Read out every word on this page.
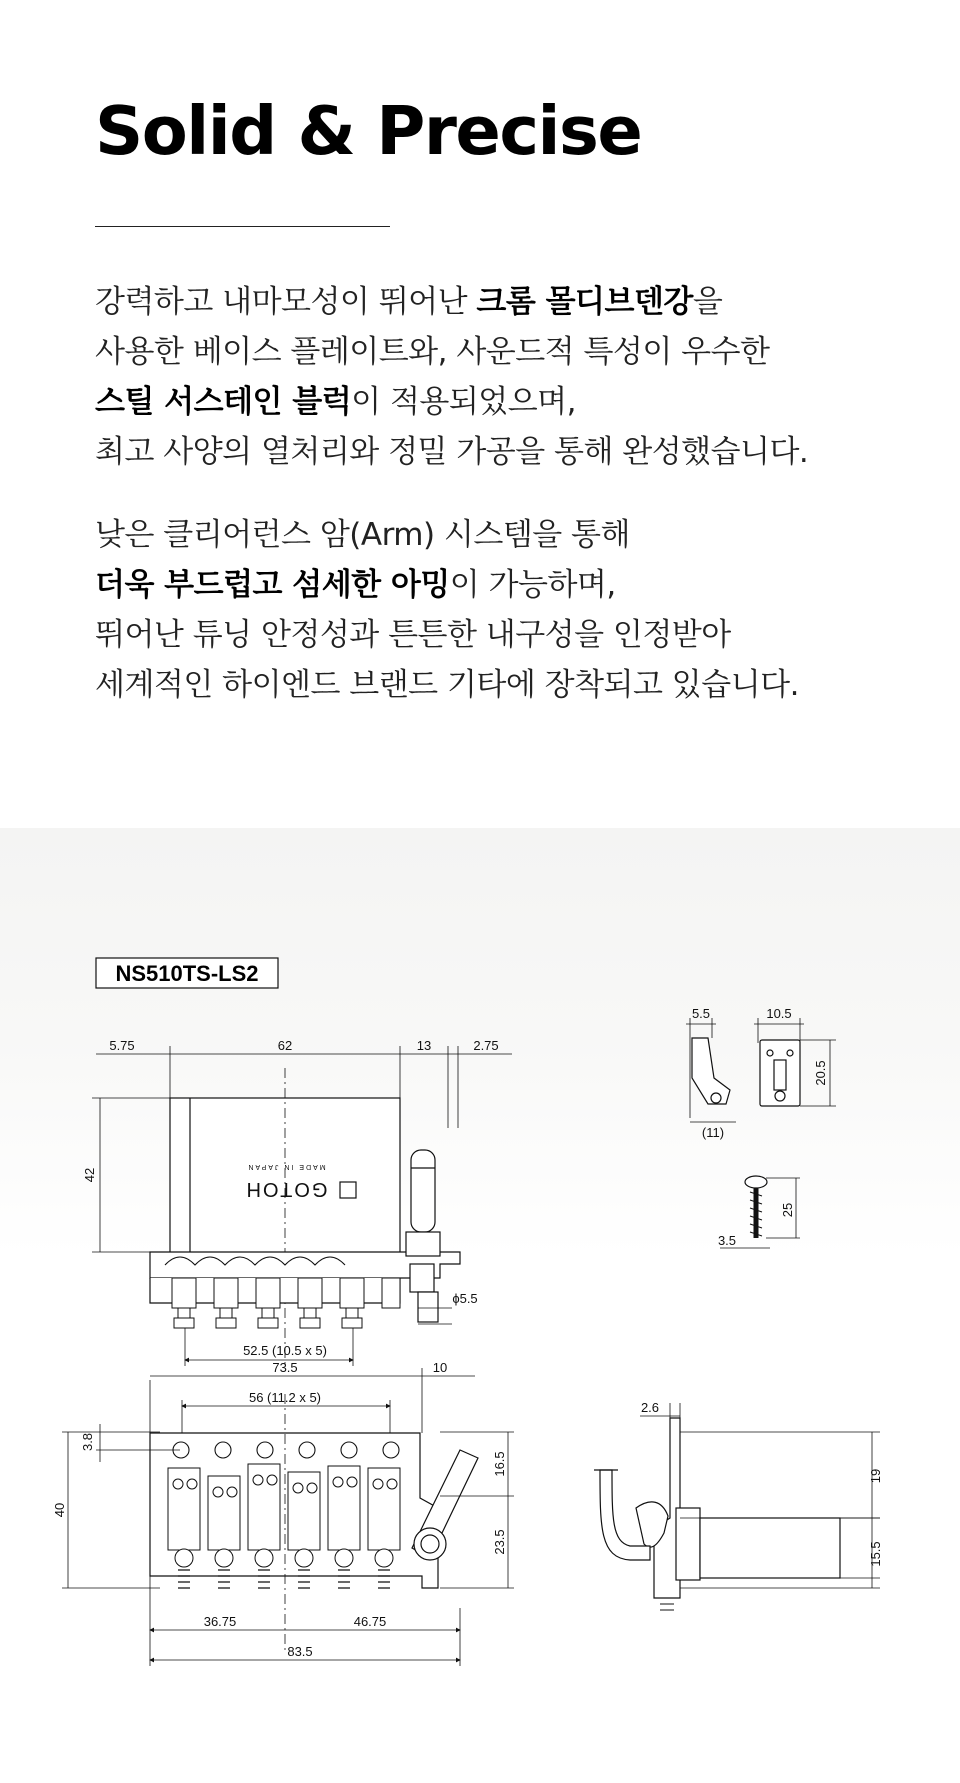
Solid & Precise

강력하고 내마모성이 뛰어난 크롬 몰디브덴강을

사용한 베이스 플레이트와, 사운드적 특성이 우수한

스틸 서스테인 블럭이 적용되었으며,

최고 사양의 열처리와 정밀 가공을 통해 완성했습니다.

낮은 클리어런스 암(Arm) 시스템을 통해

더욱 부드럽고 섬세한 아밍이 가능하며,

뛰어난 튜닝 안정성과 튼튼한 내구성을 인정받아

세계적인 하이엔드 브랜드 기타에 장착되고 있습니다.

NS510TS-LS2
5.75	62	13	2.75
42
ϕ5.5
52.5 (10.5 x 5)
GOTOH
MADE IN JAPAN
73.5	10
56 (11.2 x 5)
40
3.8
16.5
23.5
36.75	46.75
83.5
5.5
(11)
10.5
20.5
25
3.5
2.6
19
15.5
